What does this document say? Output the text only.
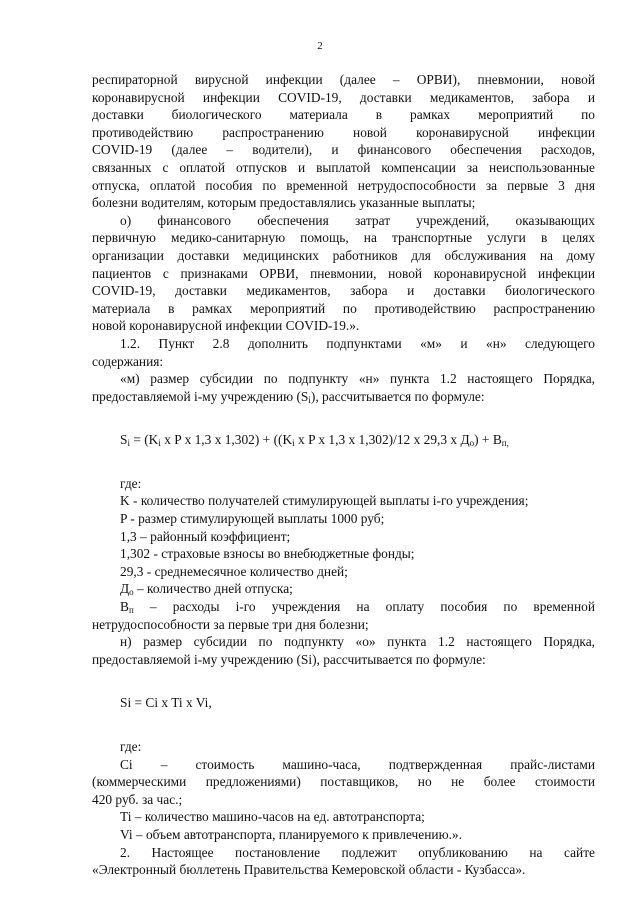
2
респираторной вирусной инфекции (далее – ОРВИ), пневмонии, новой
коронавирусной инфекции COVID-19, доставки медикаментов, забора и
доставки биологического материала в рамках мероприятий по
противодействию распространению новой коронавирусной инфекции
COVID-19 (далее – водители), и финансового обеспечения расходов,
связанных с оплатой отпусков и выплатой компенсации за неиспользованные
отпуска, оплатой пособия по временной нетрудоспособности за первые 3 дня
болезни водителям, которым предоставлялись указанные выплаты;
о) финансового обеспечения затрат учреждений, оказывающих
первичную медико-санитарную помощь, на транспортные услуги в целях
организации доставки медицинских работников для обслуживания на дому
пациентов с признаками ОРВИ, пневмонии, новой коронавирусной инфекции
COVID-19, доставки медикаментов, забора и доставки биологического
материала в рамках мероприятий по противодействию распространению
новой коронавирусной инфекции COVID-19.».
1.2. Пункт 2.8 дополнить подпунктами «м» и «н» следующего
содержания:
«м) размер субсидии по подпункту «н» пункта 1.2 настоящего Порядка,
предоставляемой i-му учреждению $(S_i)$, рассчитывается по формуле:
$S_i = (K_i$ x P x 1,3 x $1,302) + ((K_i$ x P x 1,3 x 1,302)/12 x 29,3 x $Д_о) + B_{п,}$
где:
K - количество получателей стимулирующей выплаты i-го учреждения;
P - размер стимулирующей выплаты 1000 руб;
1,3 – районный коэффициент;
1,302 - страховые взносы во внебюджетные фонды;
29,3 - среднемесячное количество дней;
$Д_о$ – количество дней отпуска;
$B_п$ – расходы i-го учреждения на оплату пособия по временной
нетрудоспособности за первые три дня болезни;
н) размер субсидии по подпункту «о» пункта 1.2 настоящего Порядка,
предоставляемой i-му учреждению (Si), рассчитывается по формуле:
Si = Ci x Ti x Vi,
где:
Ci – стоимость машино-часа, подтвержденная прайс-листами
(коммерческими предложениями) поставщиков, но не более стоимости
420 руб. за час.;
Ti – количество машино-часов на ед. автотранспорта;
Vi – объем автотранспорта, планируемого к привлечению.».
2. Настоящее постановление подлежит опубликованию на сайте
«Электронный бюллетень Правительства Кемеровской области - Кузбасса».
